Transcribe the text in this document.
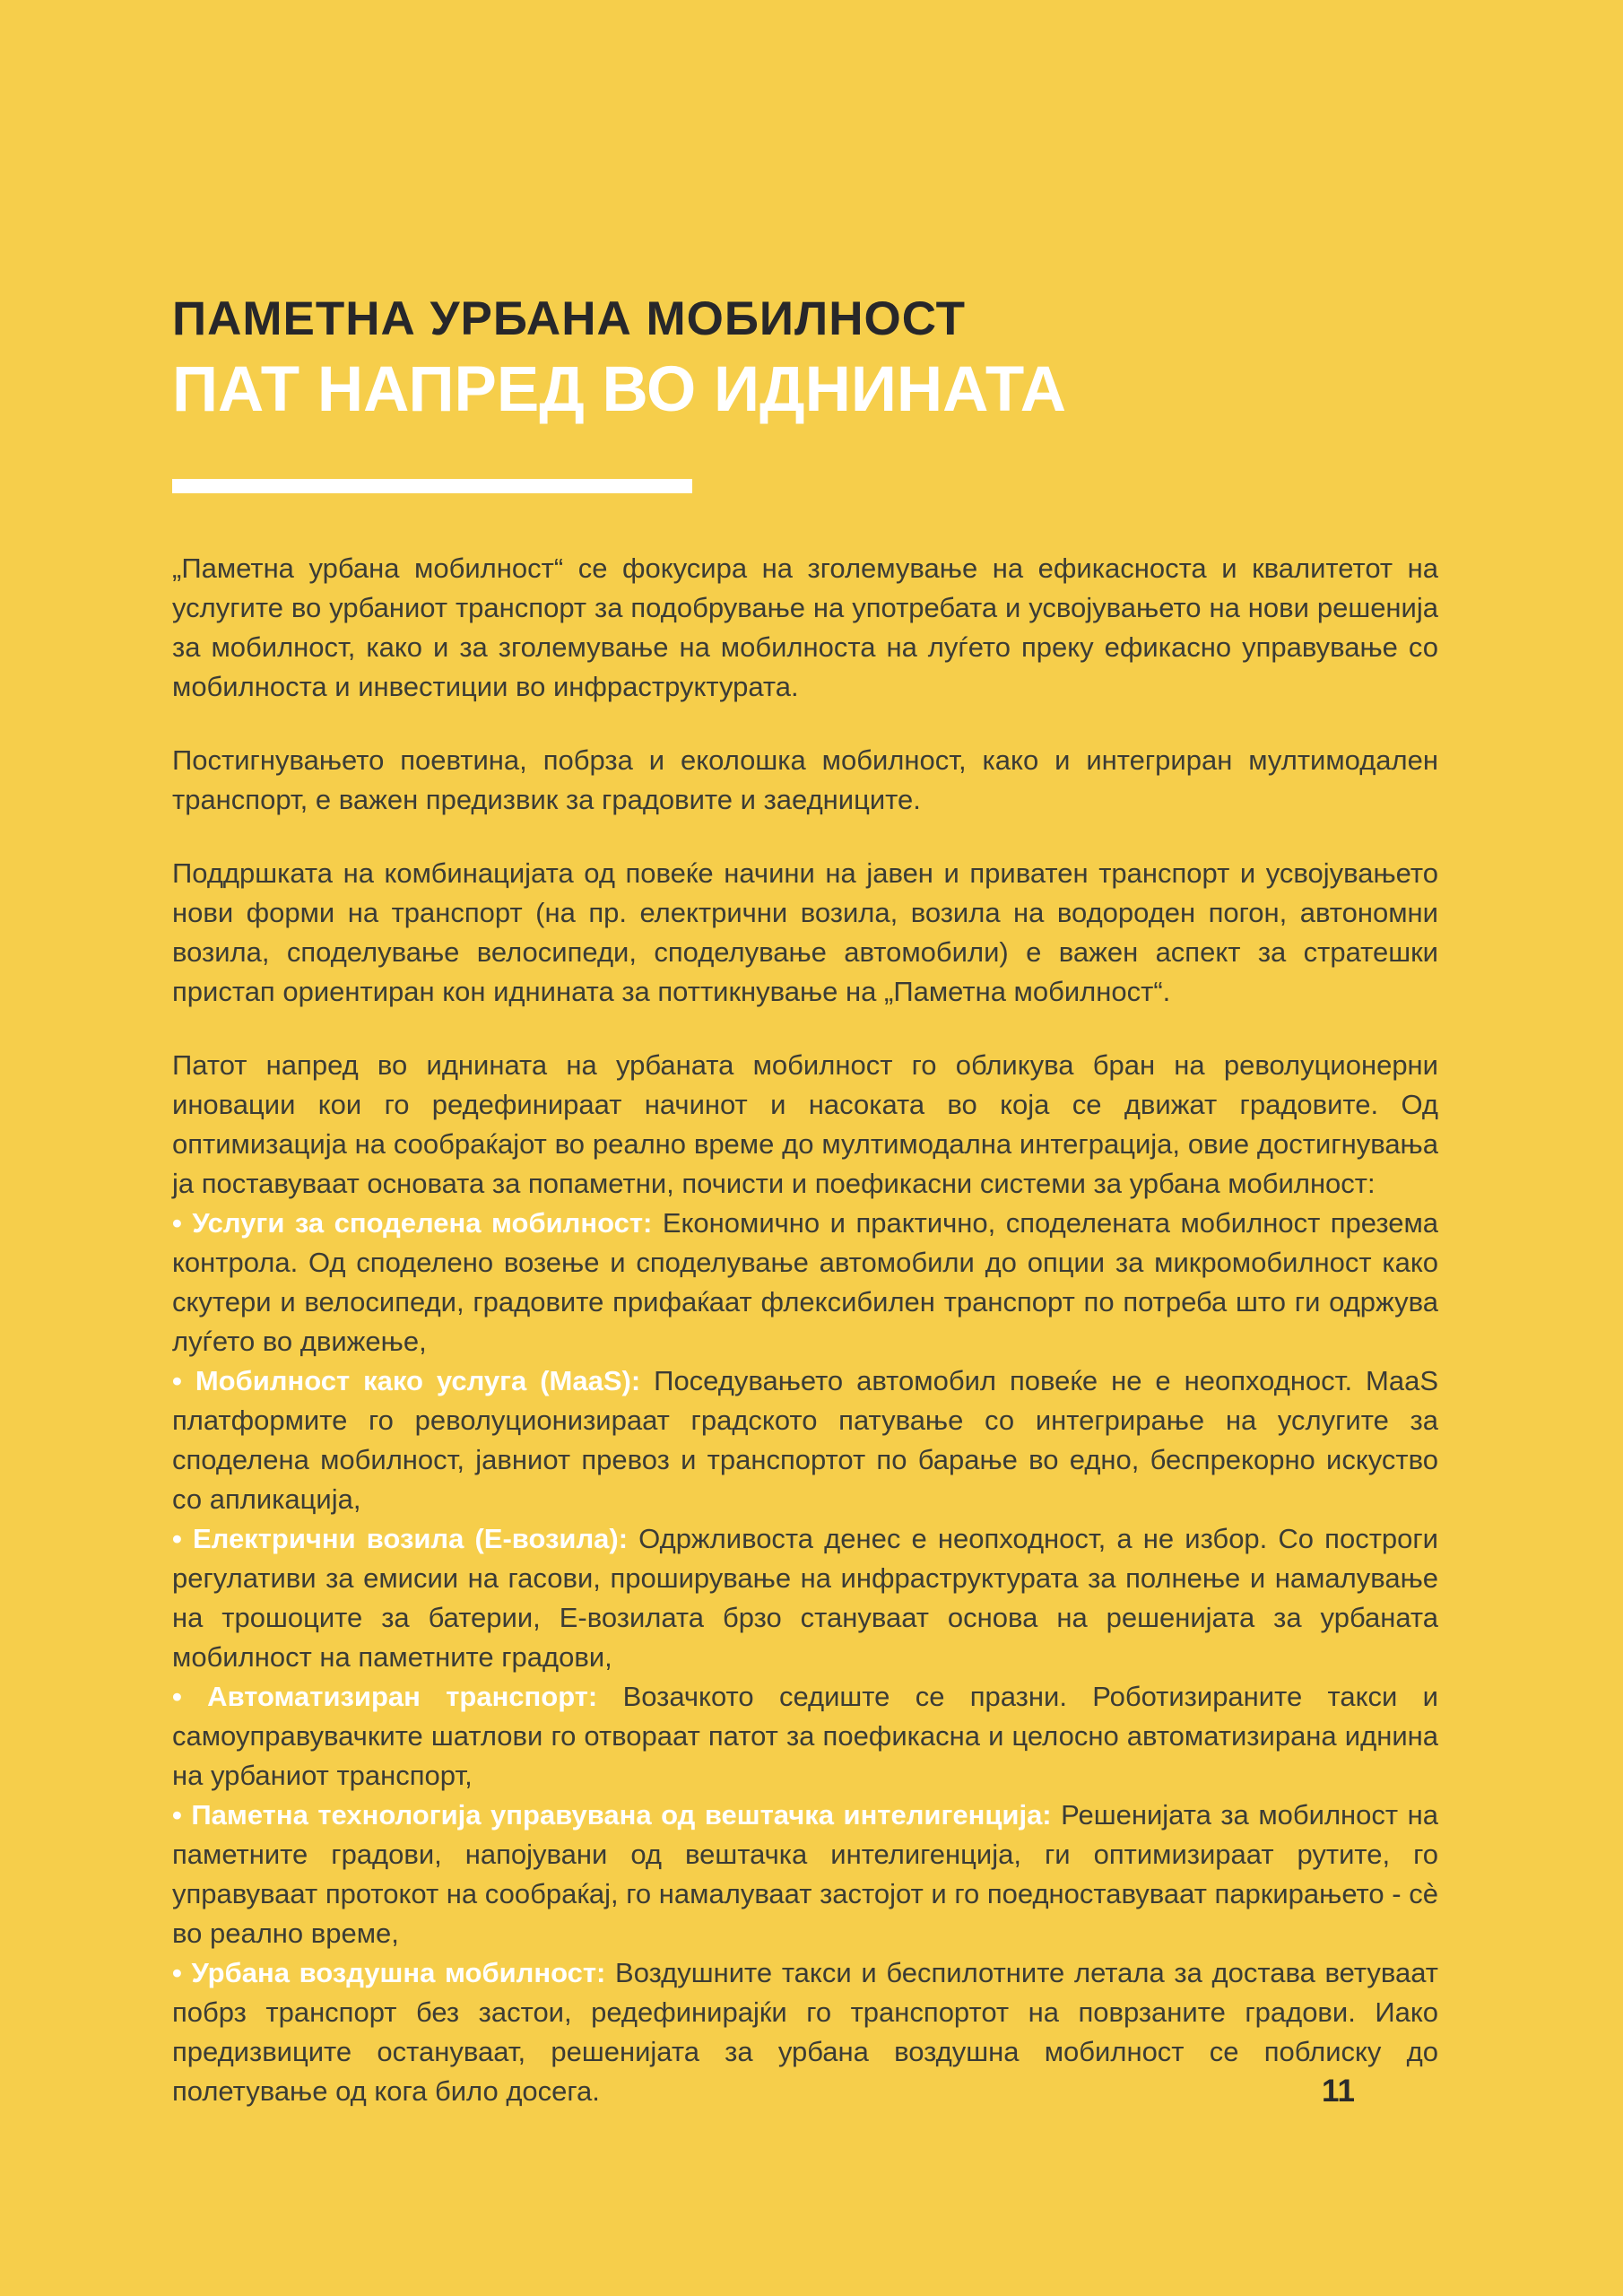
ПАМЕТНА УРБАНА МОБИЛНОСТ
ПАТ НАПРЕД ВО ИДНИНАТА

„Паметна урбана мобилност“ се фокусира на зголемување на ефикасноста и квалитетот на услугите во урбаниот транспорт за подобрување на употребата и усвојувањето на нови решенија за мобилност, како и за зголемување на мобилноста на луѓето преку ефикасно управување со мобилноста и инвестиции во инфраструктурата.

Постигнувањето поевтина, побрза и еколошка мобилност, како и интегриран мултимодален транспорт, е важен предизвик за градовите и заедниците.

Поддршката на комбинацијата од повеќе начини на јавен и приватен транспорт и усвојувањето нови форми на транспорт (на пр. електрични возила, возила на водороден погон, автономни возила, споделување велосипеди, споделување автомобили) е важен аспект за стратешки пристап ориентиран кон иднината за поттикнување на „Паметна мобилност“.

Патот напред во иднината на урбаната мобилност го обликува бран на револуционерни иновации кои го редефинираат начинот и насоката во која се движат градовите. Од оптимизација на сообраќајот во реално време до мултимодална интеграција, овие достигнувања ја поставуваат основата за попаметни, почисти и поефикасни системи за урбана мобилност:

• Услуги за споделена мобилност: Економично и практично, споделената мобилност презема контрола. Од споделено возење и споделување автомобили до опции за микромобилност како скутери и велосипеди, градовите прифаќаат флексибилен транспорт по потреба што ги одржува луѓето во движење,

• Мобилност како услуга (MaaS): Поседувањето автомобил повеќе не е неопходност. MaaS платформите го револуционизираат градското патување со интегрирање на услугите за споделена мобилност, јавниот превоз и транспортот по барање во едно, беспрекорно искуство со апликација,

• Електрични возила (Е-возила): Одржливоста денес е неопходност, а не избор. Со построги регулативи за емисии на гасови, проширување на инфраструктурата за полнење и намалување на трошоците за батерии, Е-возилата брзо стануваат основа на решенијата за урбаната мобилност на паметните градови,

• Автоматизиран транспорт: Возачкото седиште се празни. Роботизираните такси и самоуправувачките шатлови го отвораат патот за поефикасна и целосно автоматизирана иднина на урбаниот транспорт,

• Паметна технологија управувана од вештачка интелигенција: Решенијата за мобилност на паметните градови, напојувани од вештачка интелигенција, ги оптимизираат рутите, го управуваат протокот на сообраќај, го намалуваат застојот и го поедноставуваат паркирањето - сè во реално време,

• Урбана воздушна мобилност: Воздушните такси и беспилотните летала за достава ветуваат побрз транспорт без застои, редефинирајќи го транспортот на поврзаните градови. Иако предизвиците остануваат, решенијата за урбана воздушна мобилност се поблиску до полетување од кога било досега.	11
